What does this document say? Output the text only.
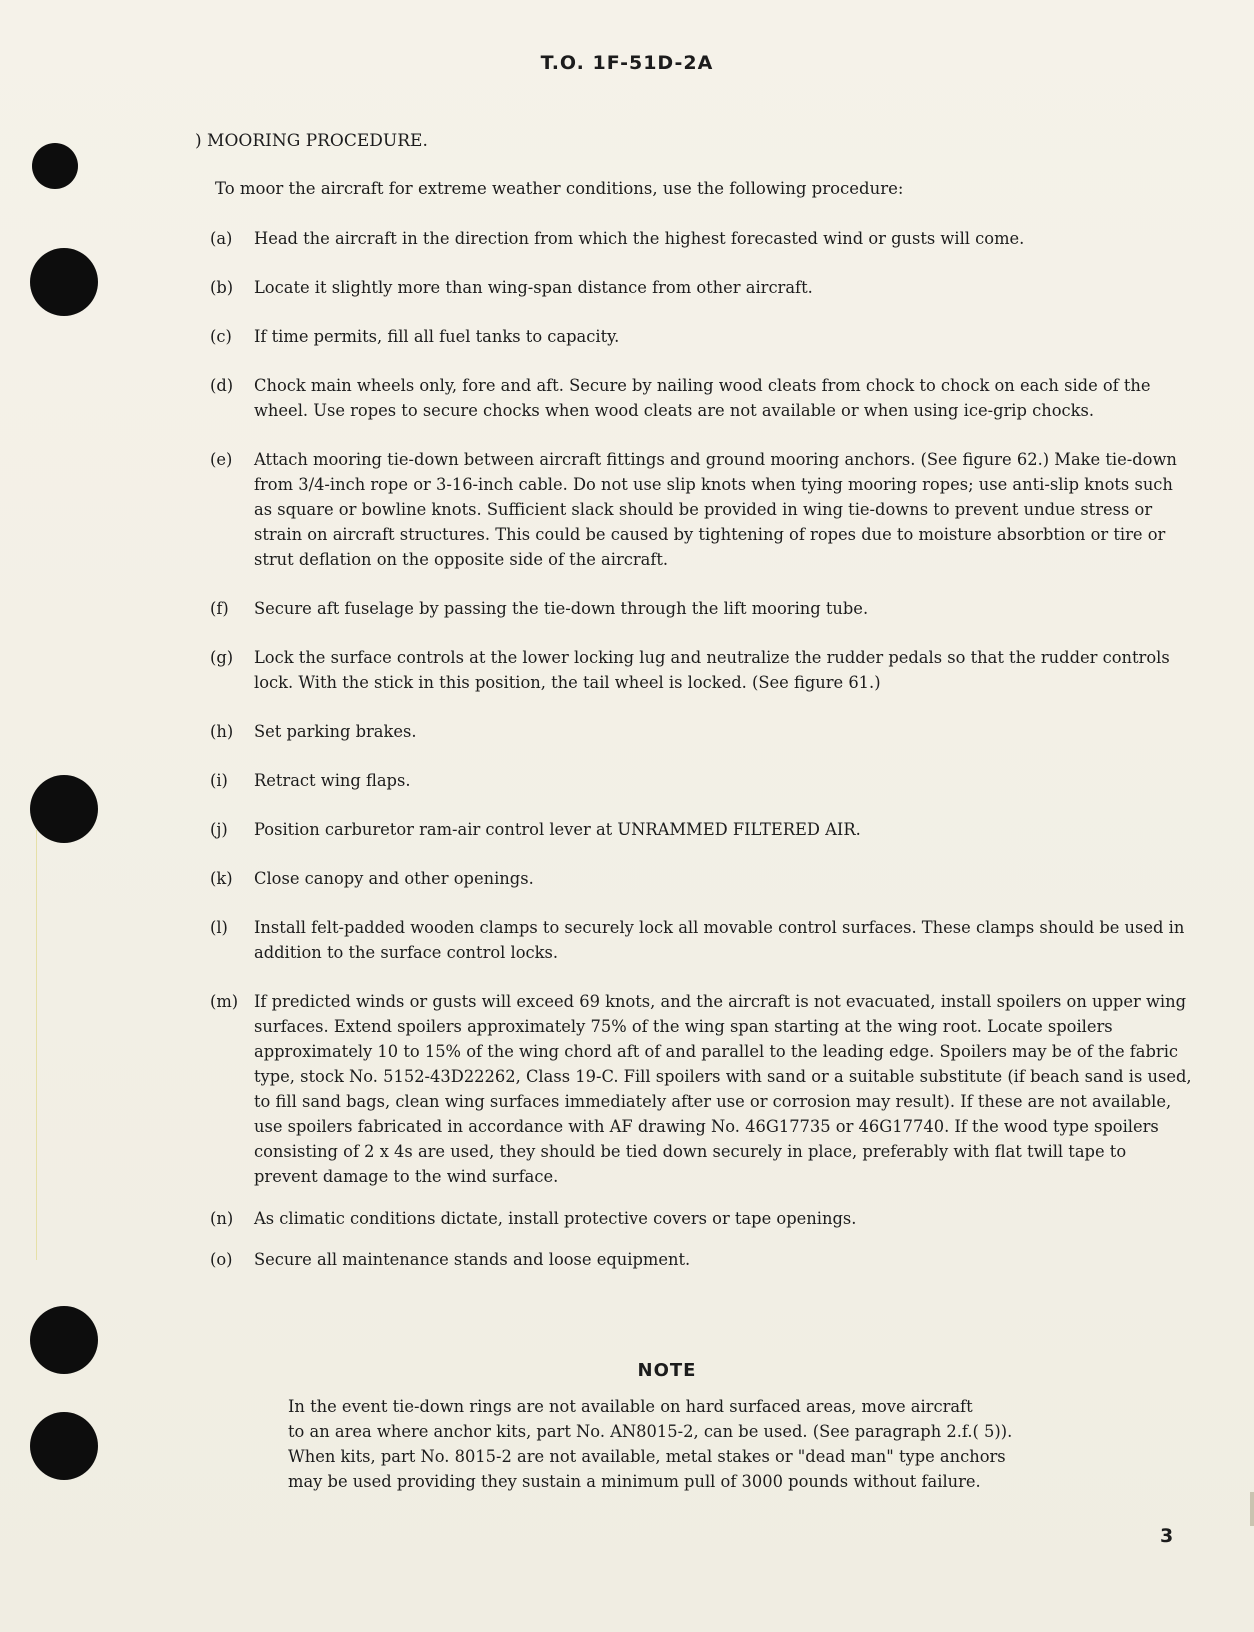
T.O. 1F-51D-2A
) MOORING PROCEDURE.
To moor the aircraft for extreme weather conditions, use the following procedure:
(a)	Head the aircraft in the direction from which the highest forecasted wind or gusts will come.
(b)	Locate it slightly more than wing-span distance from other aircraft.
(c)	If time permits, fill all fuel tanks to capacity.
(d)	Chock main wheels only, fore and aft. Secure by nailing wood cleats from chock to chock on each side of the wheel. Use ropes to secure chocks when wood cleats are not available or when using ice-grip chocks.
(e)	Attach mooring tie-down between aircraft fittings and ground mooring anchors. (See figure 62.) Make tie-down from 3/4-inch rope or 3-16-inch cable. Do not use slip knots when tying mooring ropes; use anti-slip knots such as square or bowline knots. Sufficient slack should be provided in wing tie-downs to prevent undue stress or strain on aircraft structures. This could be caused by tightening of ropes due to moisture absorbtion or tire or strut deflation on the opposite side of the aircraft.
(f)	Secure aft fuselage by passing the tie-down through the lift mooring tube.
(g)	Lock the surface controls at the lower locking lug and neutralize the rudder pedals so that the rudder controls lock. With the stick in this position, the tail wheel is locked. (See figure 61.)
(h)	Set parking brakes.
(i)	Retract wing flaps.
(j)	Position carburetor ram-air control lever at UNRAMMED FILTERED AIR.
(k)	Close canopy and other openings.
(l)	Install felt-padded wooden clamps to securely lock all movable control surfaces. These clamps should be used in addition to the surface control locks.
(m) If predicted winds or gusts will exceed 69 knots, and the aircraft is not evacuated, install spoilers on upper wing surfaces. Extend spoilers approximately 75% of the wing span starting at the wing root. Locate spoilers approximately 10 to 15% of the wing chord aft of and parallel to the leading edge. Spoilers may be of the fabric type, stock No. 5152-43D22262, Class 19-C. Fill spoilers with sand or a suitable substitute (if beach sand is used, to fill sand bags, clean wing surfaces immediately after use or corrosion may result). If these are not available, use spoilers fabricated in accordance with AF drawing No. 46G17735 or 46G17740. If the wood type spoilers consisting of 2 x 4s are used, they should be tied down securely in place, preferably with flat twill tape to prevent damage to the wind surface.
(n)	As climatic conditions dictate, install protective covers or tape openings.
(o)	Secure all maintenance stands and loose equipment.
NOTE
In the event tie-down rings are not available on hard surfaced areas, move aircraft
to an area where anchor kits, part No. AN8015-2, can be used. (See paragraph 2.f.( 5)).
When kits, part No. 8015-2 are not available, metal stakes or "dead man" type anchors
may be used providing they sustain a minimum pull of 3000 pounds without failure.
3
